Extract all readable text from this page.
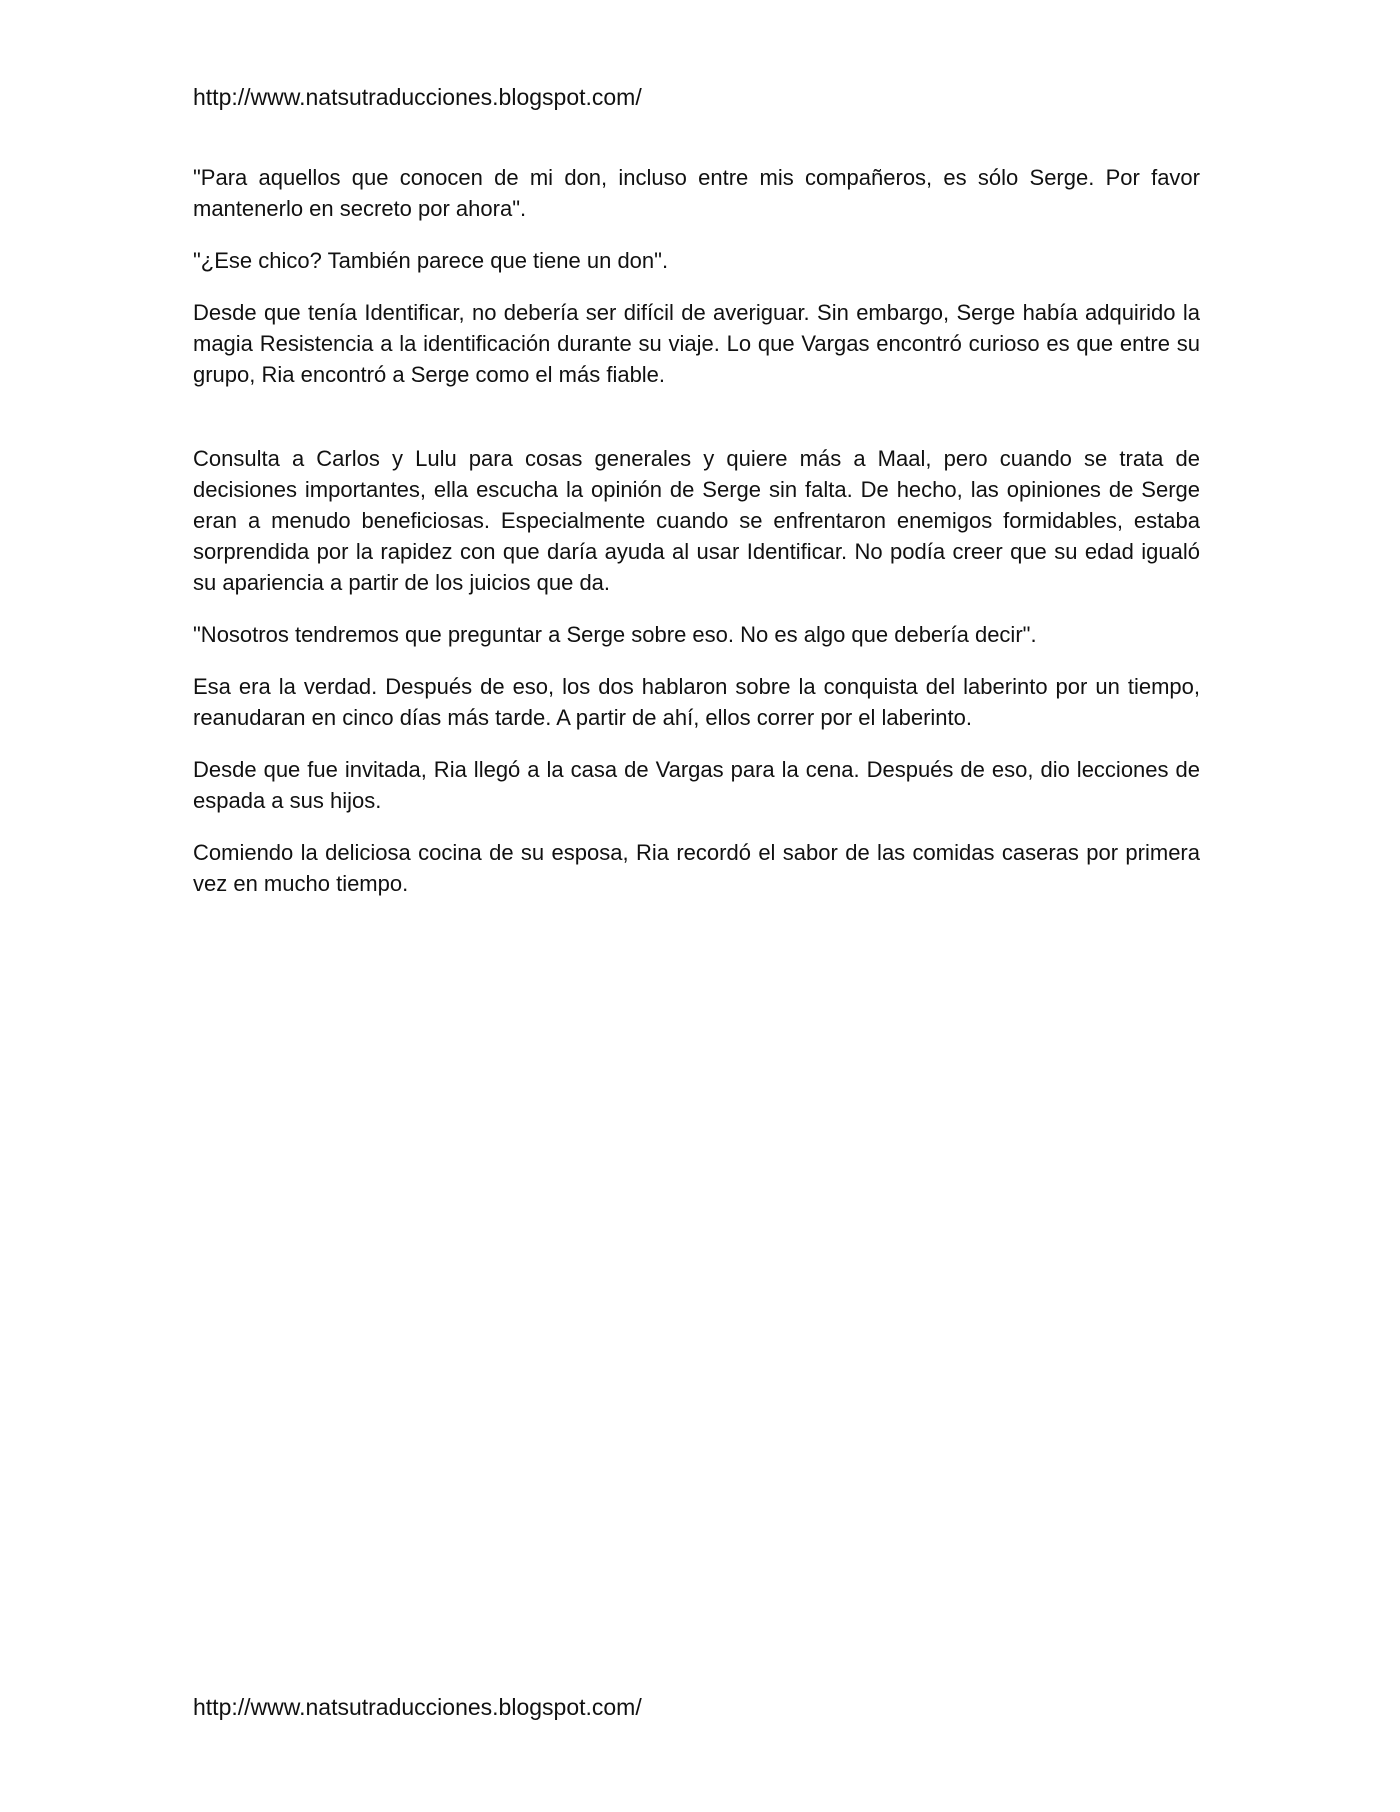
http://www.natsutraducciones.blogspot.com/

"Para aquellos que conocen de mi don, incluso entre mis compañeros, es sólo Serge. Por favor mantenerlo en secreto por ahora".

"¿Ese chico? También parece que tiene un don".

Desde que tenía Identificar, no debería ser difícil de averiguar. Sin embargo, Serge había adquirido la magia Resistencia a la identificación durante su viaje. Lo que Vargas encontró curioso es que entre su grupo, Ria encontró a Serge como el más fiable.

Consulta a Carlos y Lulu para cosas generales y quiere más a Maal, pero cuando se trata de decisiones importantes, ella escucha la opinión de Serge sin falta. De hecho, las opiniones de Serge eran a menudo beneficiosas. Especialmente cuando se enfrentaron enemigos formidables, estaba sorprendida por la rapidez con que daría ayuda al usar Identificar. No podía creer que su edad igualó su apariencia a partir de los juicios que da.

"Nosotros tendremos que preguntar a Serge sobre eso. No es algo que debería decir".

Esa era la verdad. Después de eso, los dos hablaron sobre la conquista del laberinto por un tiempo, reanudaran en cinco días más tarde. A partir de ahí, ellos correr por el laberinto.

Desde que fue invitada, Ria llegó a la casa de Vargas para la cena. Después de eso, dio lecciones de espada a sus hijos.

Comiendo la deliciosa cocina de su esposa, Ria recordó el sabor de las comidas caseras por primera vez en mucho tiempo.

http://www.natsutraducciones.blogspot.com/
